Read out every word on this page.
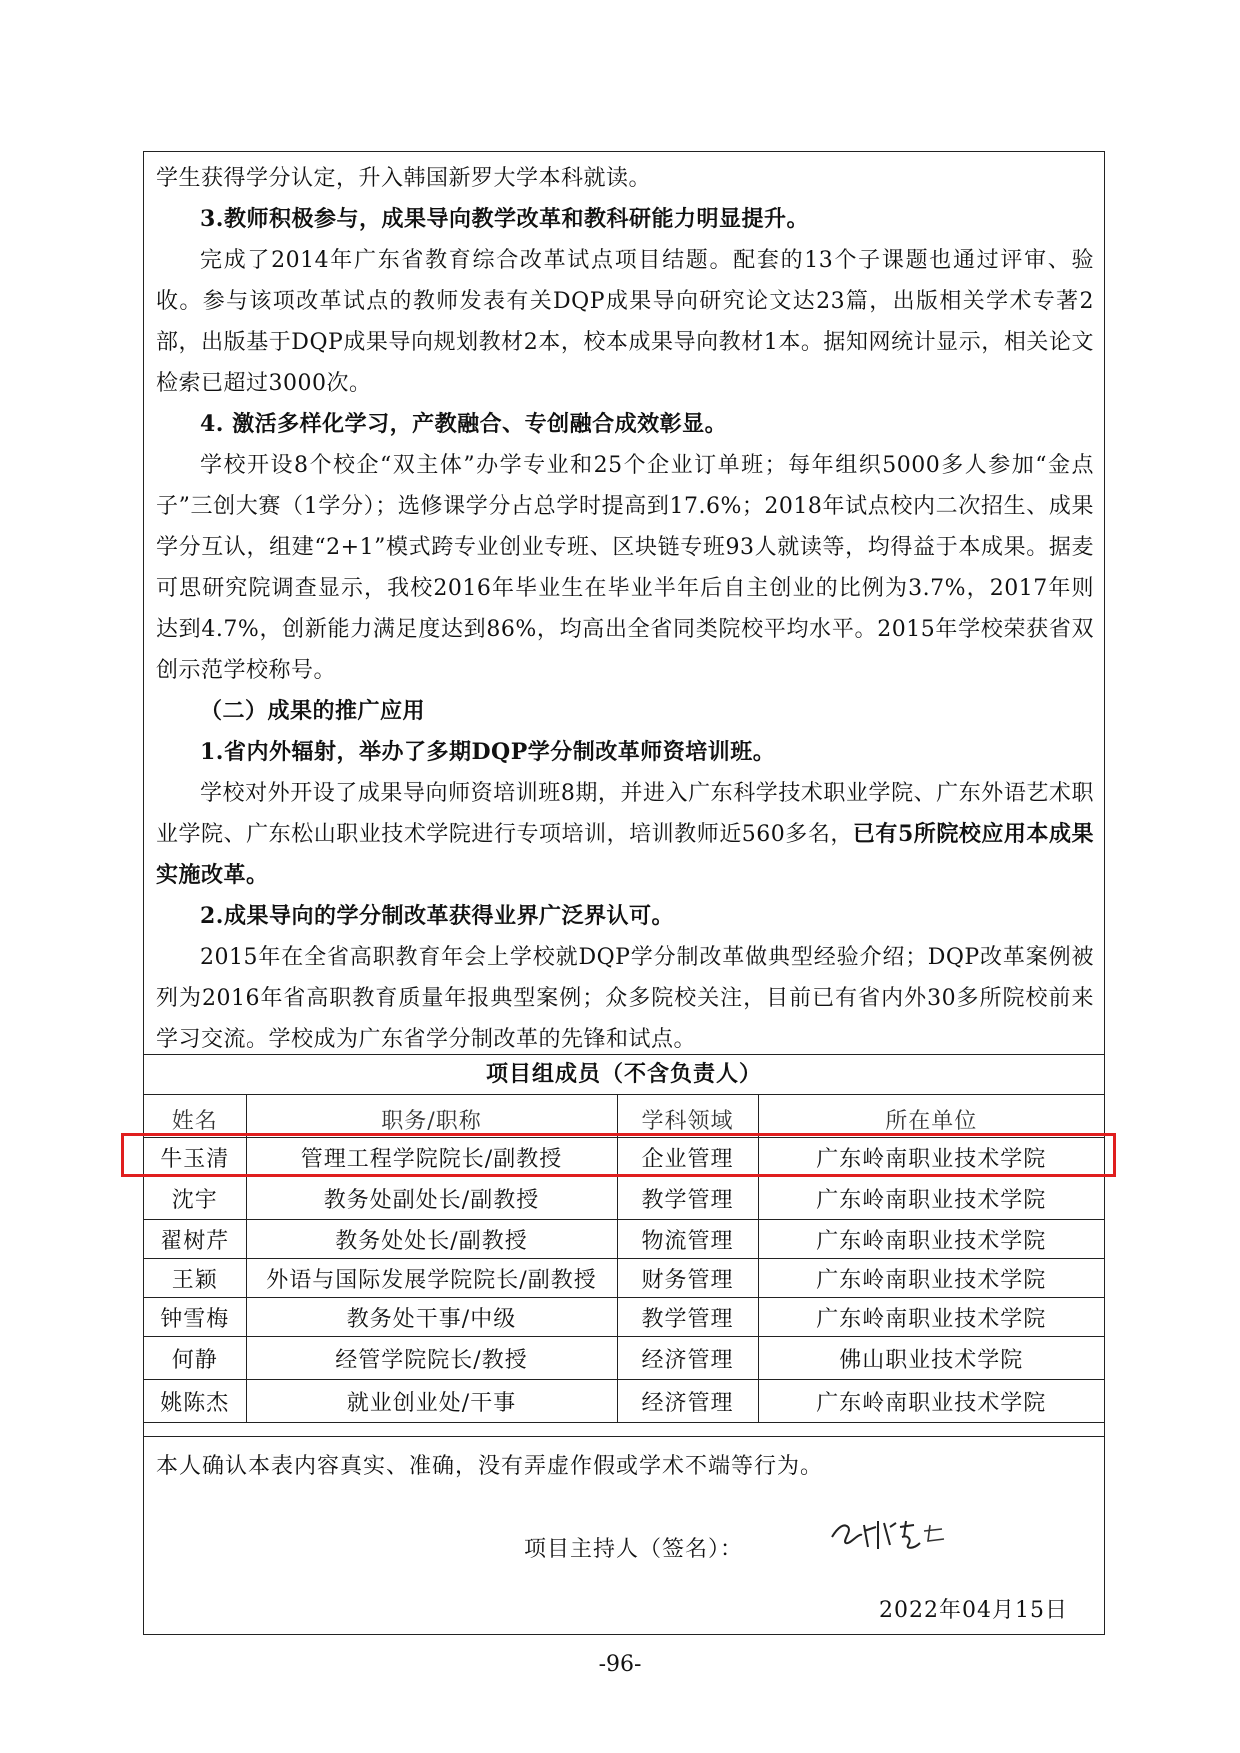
学生获得学分认定，升入韩国新罗大学本科就读。

3.教师积极参与，成果导向教学改革和教科研能力明显提升。

完成了2014年广东省教育综合改革试点项目结题。配套的13个子课题也通过评审、验收。参与该项改革试点的教师发表有关DQP成果导向研究论文达23篇，出版相关学术专著2部，出版基于DQP成果导向规划教材2本，校本成果导向教材1本。据知网统计显示，相关论文检索已超过3000次。

4. 激活多样化学习，产教融合、专创融合成效彰显。

学校开设8个校企“双主体”办学专业和25个企业订单班；每年组织5000多人参加“金点子”三创大赛（1学分）；选修课学分占总学时提高到17.6%；2018年试点校内二次招生、成果学分互认，组建“2+1”模式跨专业创业专班、区块链专班93人就读等，均得益于本成果。据麦可思研究院调查显示，我校2016年毕业生在毕业半年后自主创业的比例为3.7%，2017年则达到4.7%，创新能力满足度达到86%，均高出全省同类院校平均水平。2015年学校荣获省双创示范学校称号。

（二）成果的推广应用

1.省内外辐射，举办了多期DQP学分制改革师资培训班。

学校对外开设了成果导向师资培训班8期，并进入广东科学技术职业学院、广东外语艺术职业学院、广东松山职业技术学院进行专项培训，培训教师近560多名，已有5所院校应用本成果实施改革。

2.成果导向的学分制改革获得业界广泛界认可。

2015年在全省高职教育年会上学校就DQP学分制改革做典型经验介绍；DQP改革案例被列为2016年省高职教育质量年报典型案例；众多院校关注，目前已有省内外30多所院校前来学习交流。学校成为广东省学分制改革的先锋和试点。

项目组成员（不含负责人）
姓名	职务/职称	学科领域	所在单位
牛玉清	管理工程学院院长/副教授	企业管理	广东岭南职业技术学院
沈宇	教务处副处长/副教授	教学管理	广东岭南职业技术学院
翟树芹	教务处处长/副教授	物流管理	广东岭南职业技术学院
王颖	外语与国际发展学院院长/副教授	财务管理	广东岭南职业技术学院
钟雪梅	教务处干事/中级	教学管理	广东岭南职业技术学院
何静	经管学院院长/教授	经济管理	佛山职业技术学院
姚陈杰	就业创业处/干事	经济管理	广东岭南职业技术学院
本人确认本表内容真实、准确，没有弄虚作假或学术不端等行为。
项目主持人（签名）：
2022年04月15日
-96-
